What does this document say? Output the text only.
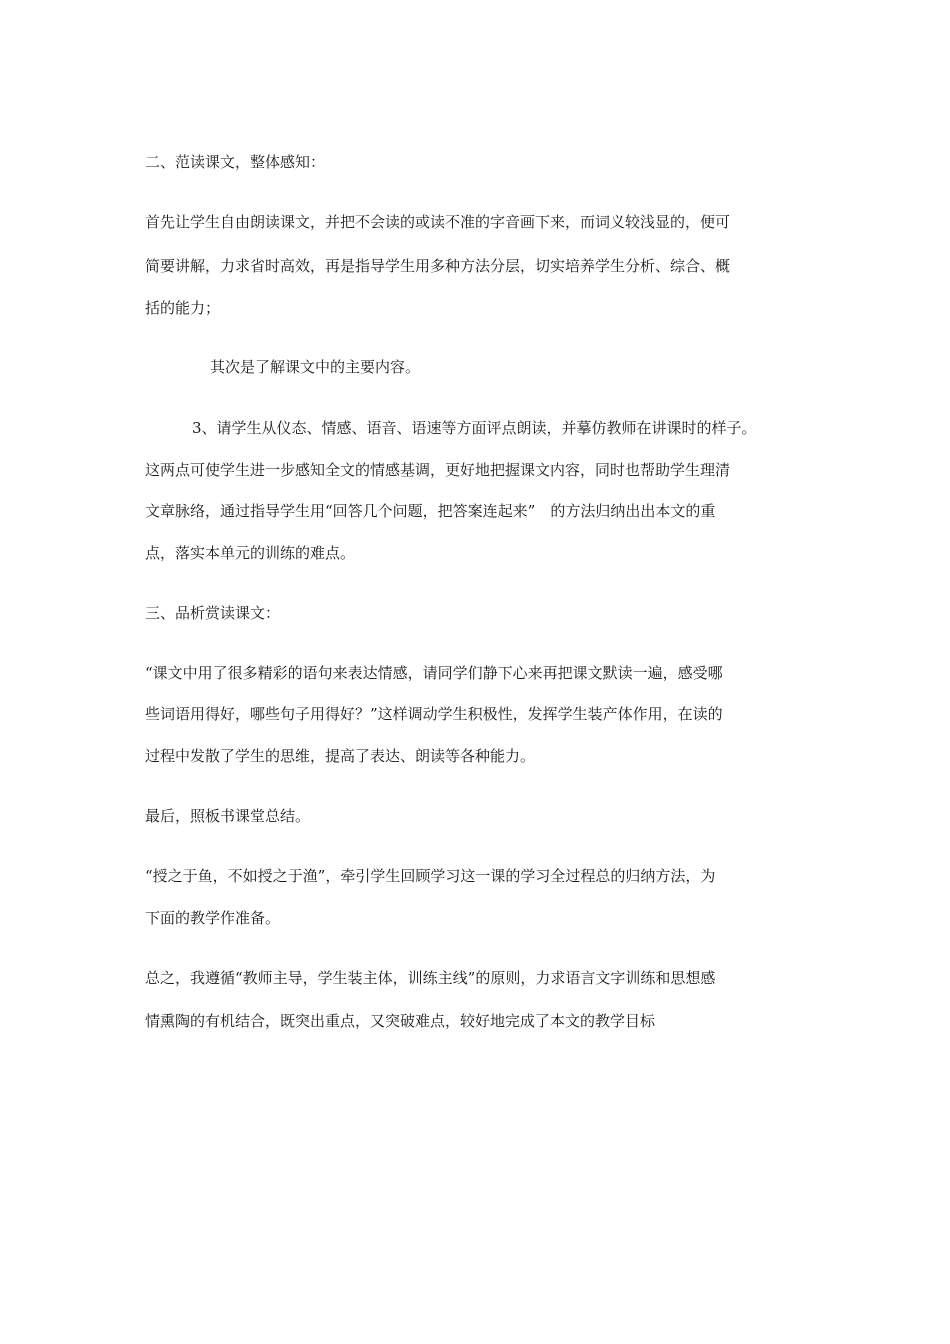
二、范读课文，整体感知：
首先让学生自由朗读课文，并把不会读的或读不准的字音画下来，而词义较浅显的，便可
简要讲解，力求省时高效，再是指导学生用多种方法分层，切实培养学生分析、综合、概
括的能力；
其次是了解课文中的主要内容。
3、请学生从仪态、情感、语音、语速等方面评点朗读，并摹仿教师在讲课时的样子。
这两点可使学生进一步感知全文的情感基调，更好地把握课文内容，同时也帮助学生理清
文章脉络，通过指导学生用“回答几个问题，把答案连起来”　的方法归纳出出本文的重
点，落实本单元的训练的难点。
三、品析赏读课文：
“课文中用了很多精彩的语句来表达情感，请同学们静下心来再把课文默读一遍，感受哪
些词语用得好，哪些句子用得好？”这样调动学生积极性，发挥学生装产体作用，在读的
过程中发散了学生的思维，提高了表达、朗读等各种能力。
最后，照板书课堂总结。
“授之于鱼，不如授之于渔”，牵引学生回顾学习这一课的学习全过程总的归纳方法，为
下面的教学作准备。
总之，我遵循“教师主导，学生装主体，训练主线”的原则，力求语言文字训练和思想感
情熏陶的有机结合，既突出重点，又突破难点，较好地完成了本文的教学目标
